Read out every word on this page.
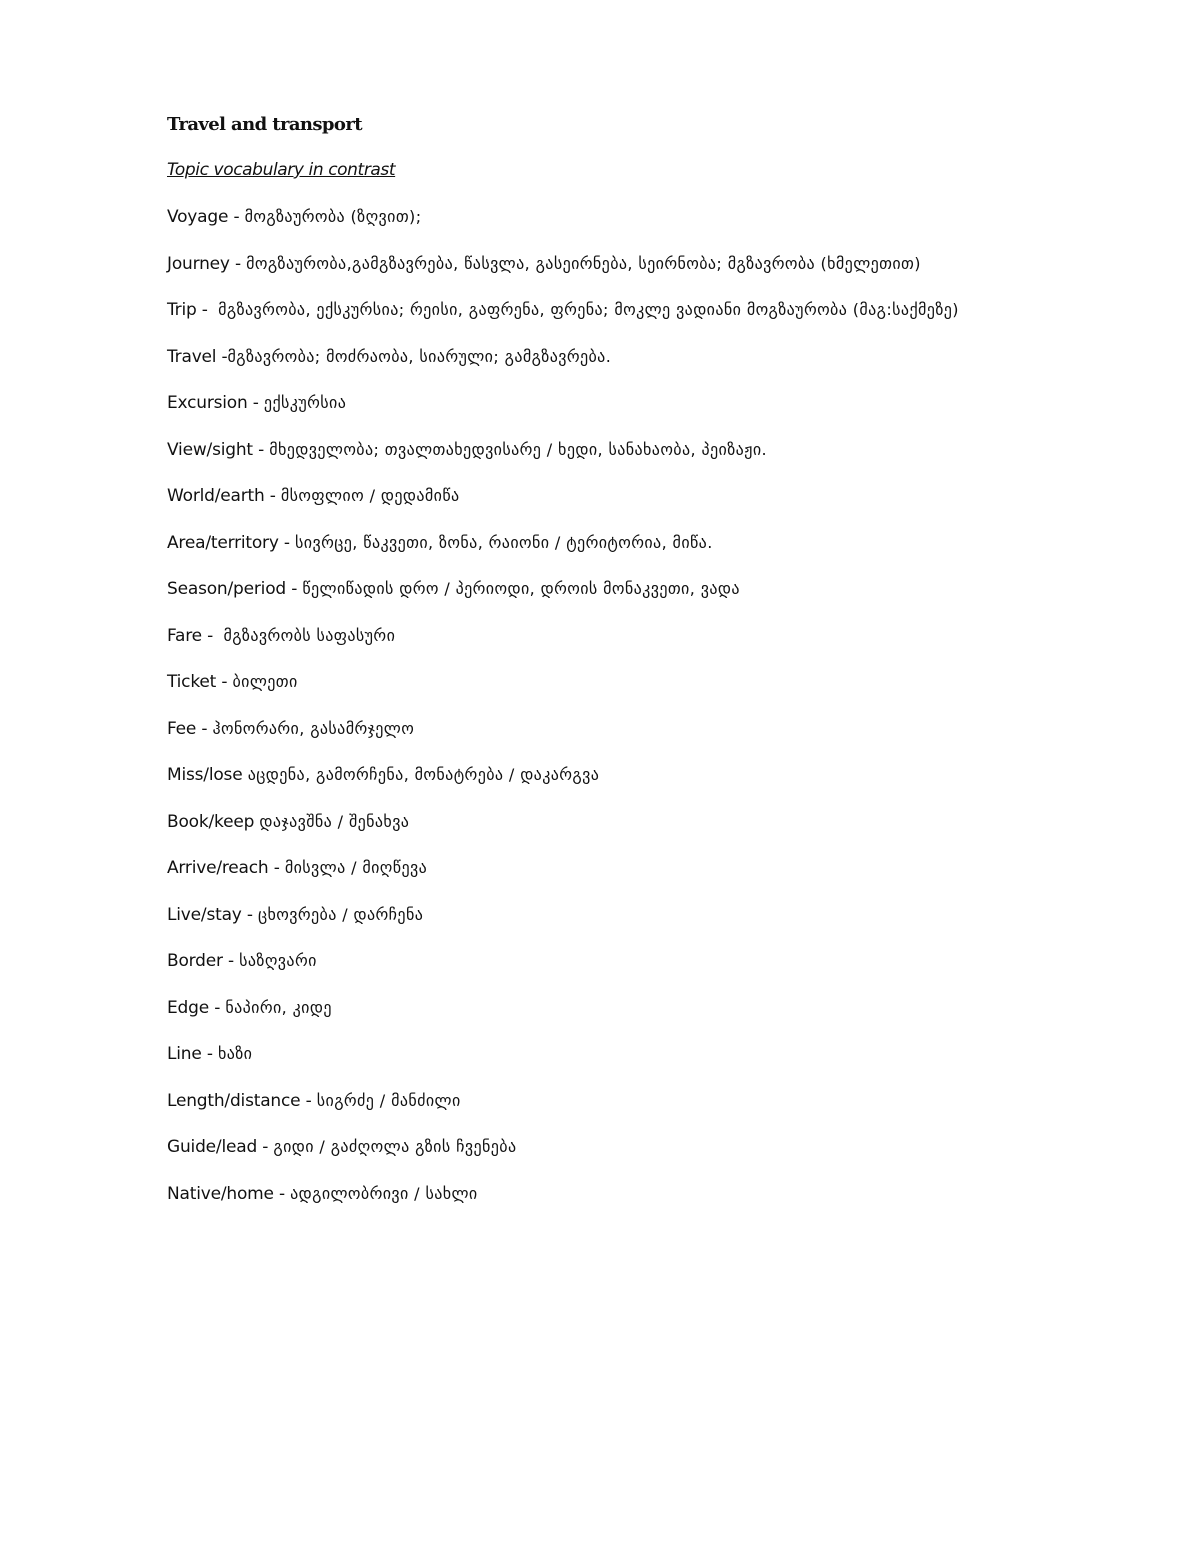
Travel and transport
Topic vocabulary in contrast
Voyage - მოგზაურობა (ზღვით);
Journey - მოგზაურობა,გამგზავრება, წასვლა, გასეირნება, სეირნობა; მგზავრობა (ხმელეთით)
Trip -  მგზავრობა, ექსკურსია; რეისი, გაფრენა, ფრენა; მოკლე ვადიანი მოგზაურობა (მაგ:საქმეზე)
Travel -მგზავრობა; მოძრაობა, სიარული; გამგზავრება.
Excursion - ექსკურსია
View/sight - მხედველობა; თვალთახედვისარე / ხედი, სანახაობა, პეიზაჟი.
World/earth - მსოფლიო / დედამიწა
Area/territory - სივრცე, წაკვეთი, ზონა, რაიონი / ტერიტორია, მიწა.
Season/period - წელიწადის დრო / პერიოდი, დროის მონაკვეთი, ვადა
Fare -  მგზავრობს საფასური
Ticket - ბილეთი
Fee - ჰონორარი, გასამრჯელო
Miss/lose აცდენა, გამორჩენა, მონატრება / დაკარგვა
Book/keep დაჯავშნა / შენახვა
Arrive/reach - მისვლა / მიღწევა
Live/stay - ცხოვრება / დარჩენა
Border - საზღვარი
Edge - ნაპირი, კიდე
Line - ხაზი
Length/distance - სიგრძე / მანძილი
Guide/lead - გიდი / გაძღოლა გზის ჩვენება
Native/home - ადგილობრივი / სახლი
